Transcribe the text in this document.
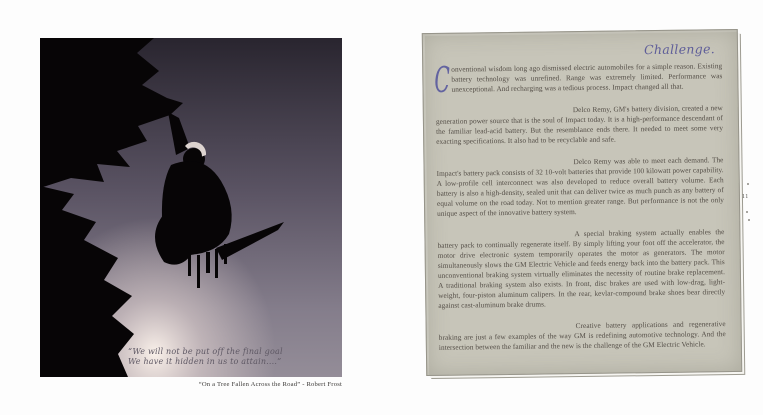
“We will not be put off the final goal
We have it hidden in us to attain....”
“On a Tree Fallen Across the Road” - Robert Frost
Challenge.

C onventional wisdom long ago dismissed electric automobiles for a simple reason. Existing battery technology was unrefined. Range was extremely limited. Performance was unexceptional. And recharging was a tedious process. Impact changed all that.

Delco Remy, GM's battery division, created a new generation power source that is the soul of Impact today. It is a high-performance descendant of the familiar lead-acid battery. But the resemblance ends there. It needed to meet some very exacting specifications. It also had to be recyclable and safe.

Delco Remy was able to meet each demand. The Impact's battery pack consists of 32 10-volt batteries that provide 100 kilowatt power capability. A low-profile cell interconnect was also developed to reduce overall battery volume. Each battery is also a high-density, sealed unit that can deliver twice as much punch as any battery of equal volume on the road today. Not to mention greater range. But performance is not the only unique aspect of the innovative battery system.

A special braking system actually enables the battery pack to continually regenerate itself. By simply lifting your foot off the accelerator, the motor drive electronic system temporarily operates the motor as generators. The motor simultaneously slows the GM Electric Vehicle and feeds energy back into the battery pack. This unconventional braking system virtually eliminates the necessity of routine brake replacement. A traditional braking system also exists. In front, disc brakes are used with low-drag, light-weight, four-piston aluminum calipers. In the rear, kevlar-compound brake shoes bear directly against cast-aluminum brake drums.

Creative battery applications and regenerative braking are just a few examples of the way GM is redefining automotive technology. And the intersection between the familiar and the new is the challenge of the GM Electric Vehicle.

11
